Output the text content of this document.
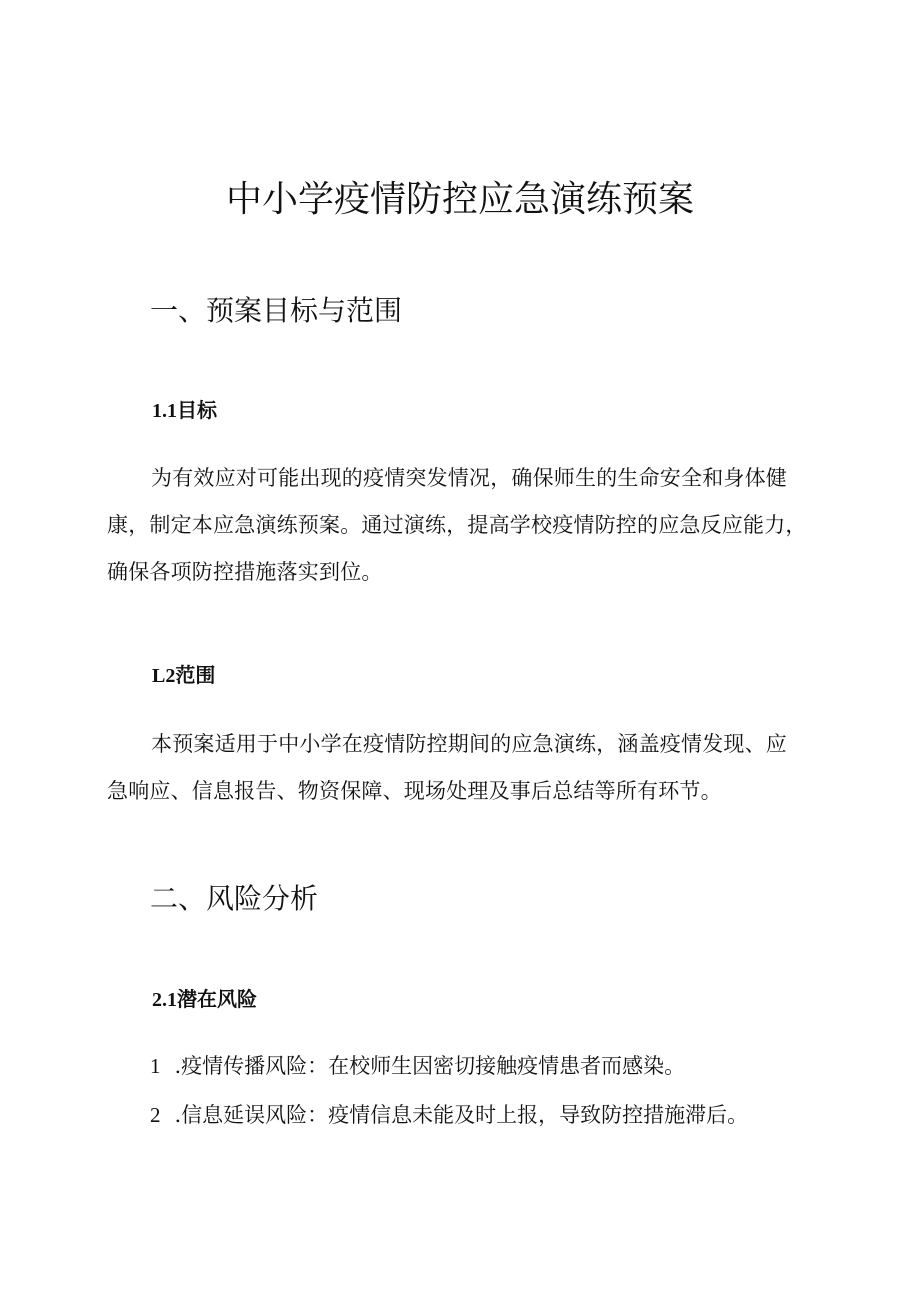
中小学疫情防控应急演练预案
一、预案目标与范围
1.1目标

为有效应对可能出现的疫情突发情况，确保师生的生命安全和身体健康，制定本应急演练预案。通过演练，提高学校疫情防控的应急反应能力，确保各项防控措施落实到位。

L2范围

本预案适用于中小学在疫情防控期间的应急演练，涵盖疫情发现、应急响应、信息报告、物资保障、现场处理及事后总结等所有环节。

二、风险分析
2.1潜在风险

1 .疫情传播风险：在校师生因密切接触疫情患者而感染。

2 .信息延误风险：疫情信息未能及时上报，导致防控措施滞后。
